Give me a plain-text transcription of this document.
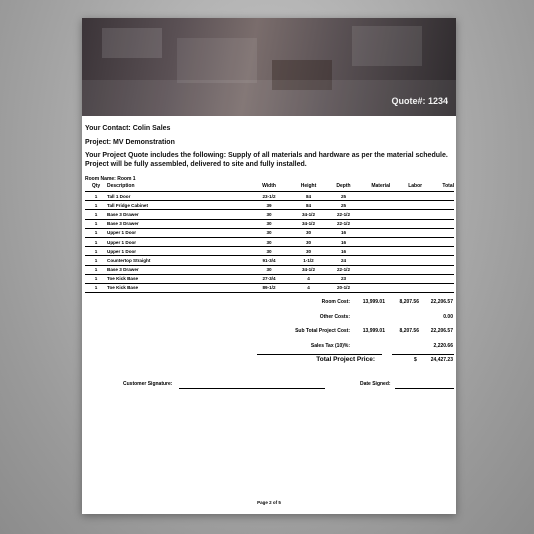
Quote#: 1234
Your Contact: Colin Sales
Project: MV Demonstration
Your Project Quote includes the following: Supply of all materials and hardware as per the material schedule.
Project will be fully assembled, delivered to site and fully installed.
Room Name: Room 1
Qty	Description	Width	Height	Depth	Material	Labor	Total
1	Tall 1 Door	23-1/2	84	25			
1	Tall Fridge Cabinet	39	84	25			
1	Base 3 Drawer	30	34-1/2	22-1/2			
1	Base 3 Drawer	30	34-1/2	22-1/2			
1	Upper 1 Door	30	30	16			
1	Upper 1 Door	30	30	16			
1	Upper 1 Door	30	30	16			
1	Countertop Straight	91-3/4	1-1/2	24			
1	Base 3 Drawer	30	34-1/2	22-1/2			
1	Toe Kick Base	27-3/4	4	23			
1	Toe Kick Base	89-1/2	4	20-1/2			
Room Cost:	13,999.01	8,207.56	22,206.57
Other Costs:	0.00
Sub Total Project Cost:	13,999.01	8,207.56	22,206.57
Sales Tax (10)%:	2,220.66
Total Project Price:	$	24,427.23
Customer Signature:	Date Signed:
Page 2 of 5
